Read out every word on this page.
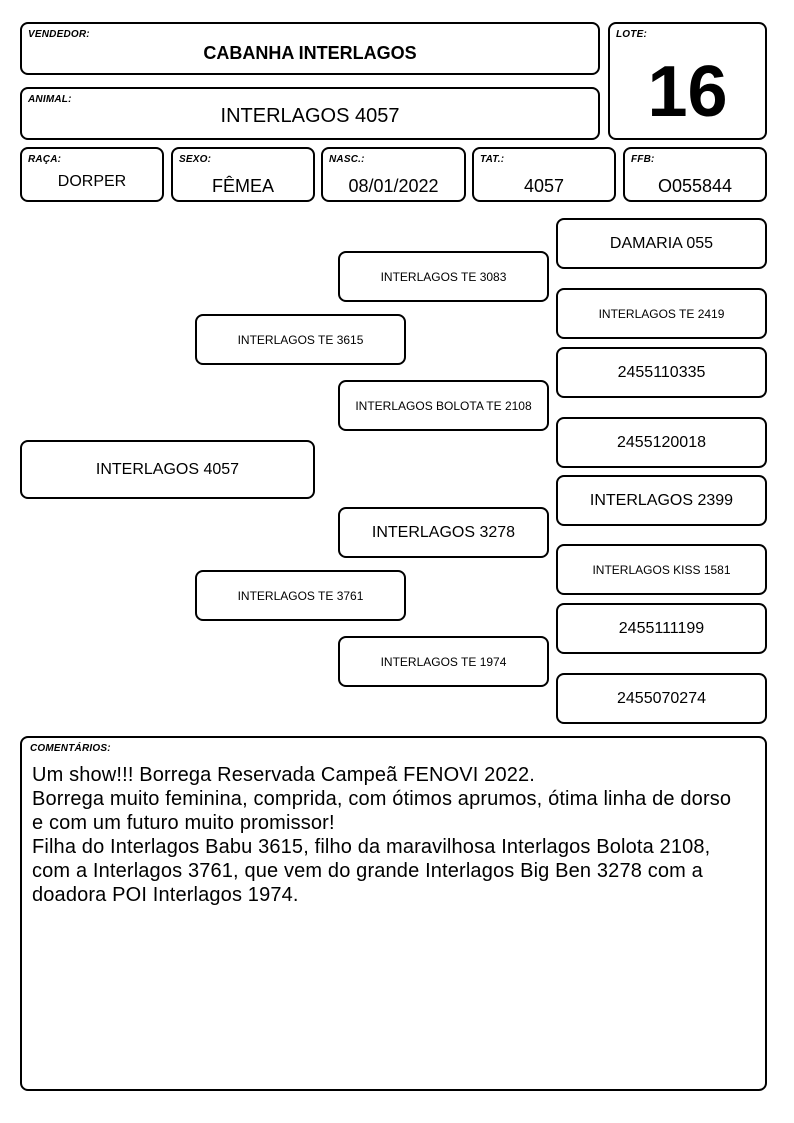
VENDEDOR:
CABANHA INTERLAGOS
ANIMAL:
INTERLAGOS 4057
LOTE:
16
RAÇA:
DORPER
SEXO:
FÊMEA
NASC.:
08/01/2022
TAT.:
4057
FFB:
O055844
INTERLAGOS 4057
INTERLAGOS TE 3615
INTERLAGOS TE 3761
INTERLAGOS TE 3083
INTERLAGOS BOLOTA TE 2108
INTERLAGOS 3278
INTERLAGOS TE 1974
DAMARIA 055
INTERLAGOS TE 2419
2455110335
2455120018
INTERLAGOS 2399
INTERLAGOS KISS 1581
2455111199
2455070274
COMENTÁRIOS:
Um show!!! Borrega Reservada Campeã FENOVI 2022.
Borrega muito feminina, comprida, com ótimos aprumos, ótima linha de dorso
e com um futuro muito promissor!
Filha do Interlagos Babu 3615, filho da maravilhosa Interlagos Bolota 2108,
com a Interlagos 3761, que vem do grande Interlagos Big Ben 3278 com a
doadora POI Interlagos 1974.
